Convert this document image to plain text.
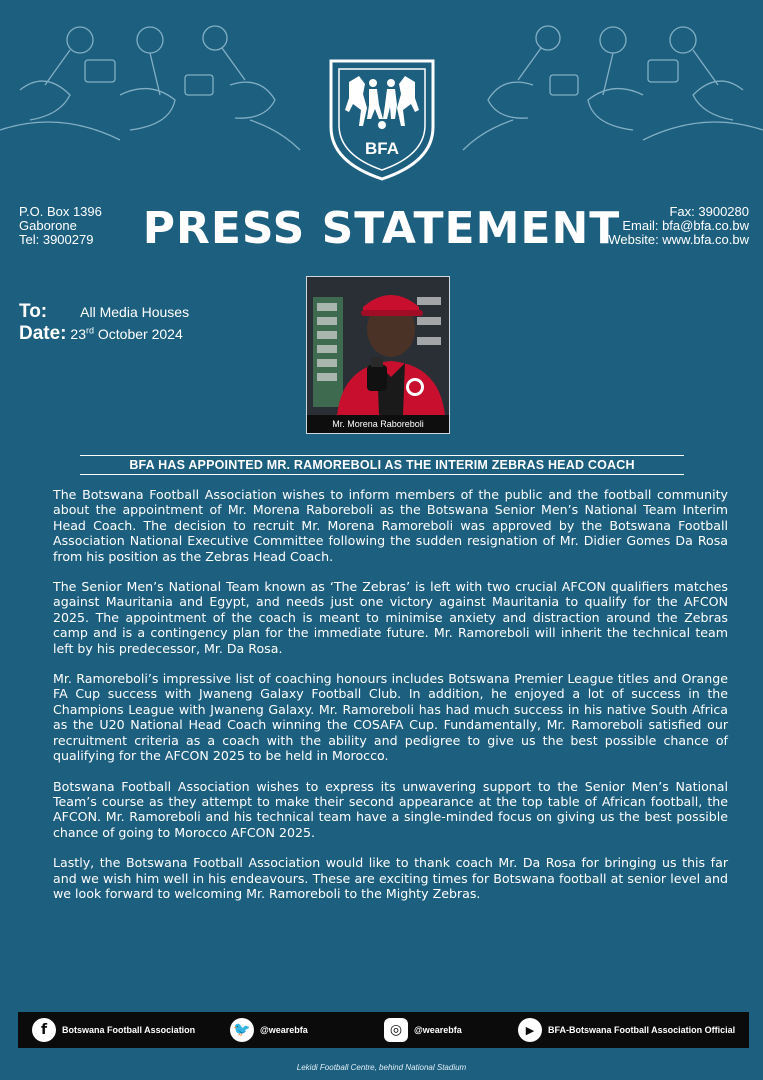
BFA
P.O. Box 1396
Gaborone
Tel: 3900279	PRESS STATEMENT	Fax: 3900280
Email: bfa@bfa.co.bw
Website: www.bfa.co.bw
To: All Media Houses
Date: 23rd October 2024
Mr. Morena Raboreboli
BFA HAS APPOINTED MR. RAMOREBOLI AS THE INTERIM ZEBRAS HEAD COACH

The Botswana Football Association wishes to inform members of the public and the football community about the appointment of Mr. Morena Raboreboli as the Botswana Senior Men’s National Team Interim Head Coach. The decision to recruit Mr. Morena Ramoreboli was approved by the Botswana Football Association National Executive Committee following the sudden resignation of Mr. Didier Gomes Da Rosa from his position as the Zebras Head Coach.

The Senior Men’s National Team known as ‘The Zebras’ is left with two crucial AFCON qualifiers matches against Mauritania and Egypt, and needs just one victory against Mauritania to qualify for the AFCON 2025. The appointment of the coach is meant to minimise anxiety and distraction around the Zebras camp and is a contingency plan for the immediate future. Mr. Ramoreboli will inherit the technical team left by his predecessor, Mr. Da Rosa.

Mr. Ramoreboli’s impressive list of coaching honours includes Botswana Premier League titles and Orange FA Cup success with Jwaneng Galaxy Football Club. In addition, he enjoyed a lot of success in the Champions League with Jwaneng Galaxy. Mr. Ramoreboli has had much success in his native South Africa as the U20 National Head Coach winning the COSAFA Cup. Fundamentally, Mr. Ramoreboli satisfied our recruitment criteria as a coach with the ability and pedigree to give us the best possible chance of qualifying for the AFCON 2025 to be held in Morocco.

Botswana Football Association wishes to express its unwavering support to the Senior Men’s National Team’s course as they attempt to make their second appearance at the top table of African football, the AFCON. Mr. Ramoreboli and his technical team have a single-minded focus on giving us the best possible chance of going to Morocco AFCON 2025.

Lastly, the Botswana Football Association would like to thank coach Mr. Da Rosa for bringing us this far and we wish him well in his endeavours. These are exciting times for Botswana football at senior level and we look forward to welcoming Mr. Ramoreboli to the Mighty Zebras.

f	Botswana Football Association	🐦	@wearebfa	◎	@wearebfa	▶	BFA-Botswana Football Association Official
Lekidi Football Centre, behind National Stadium
